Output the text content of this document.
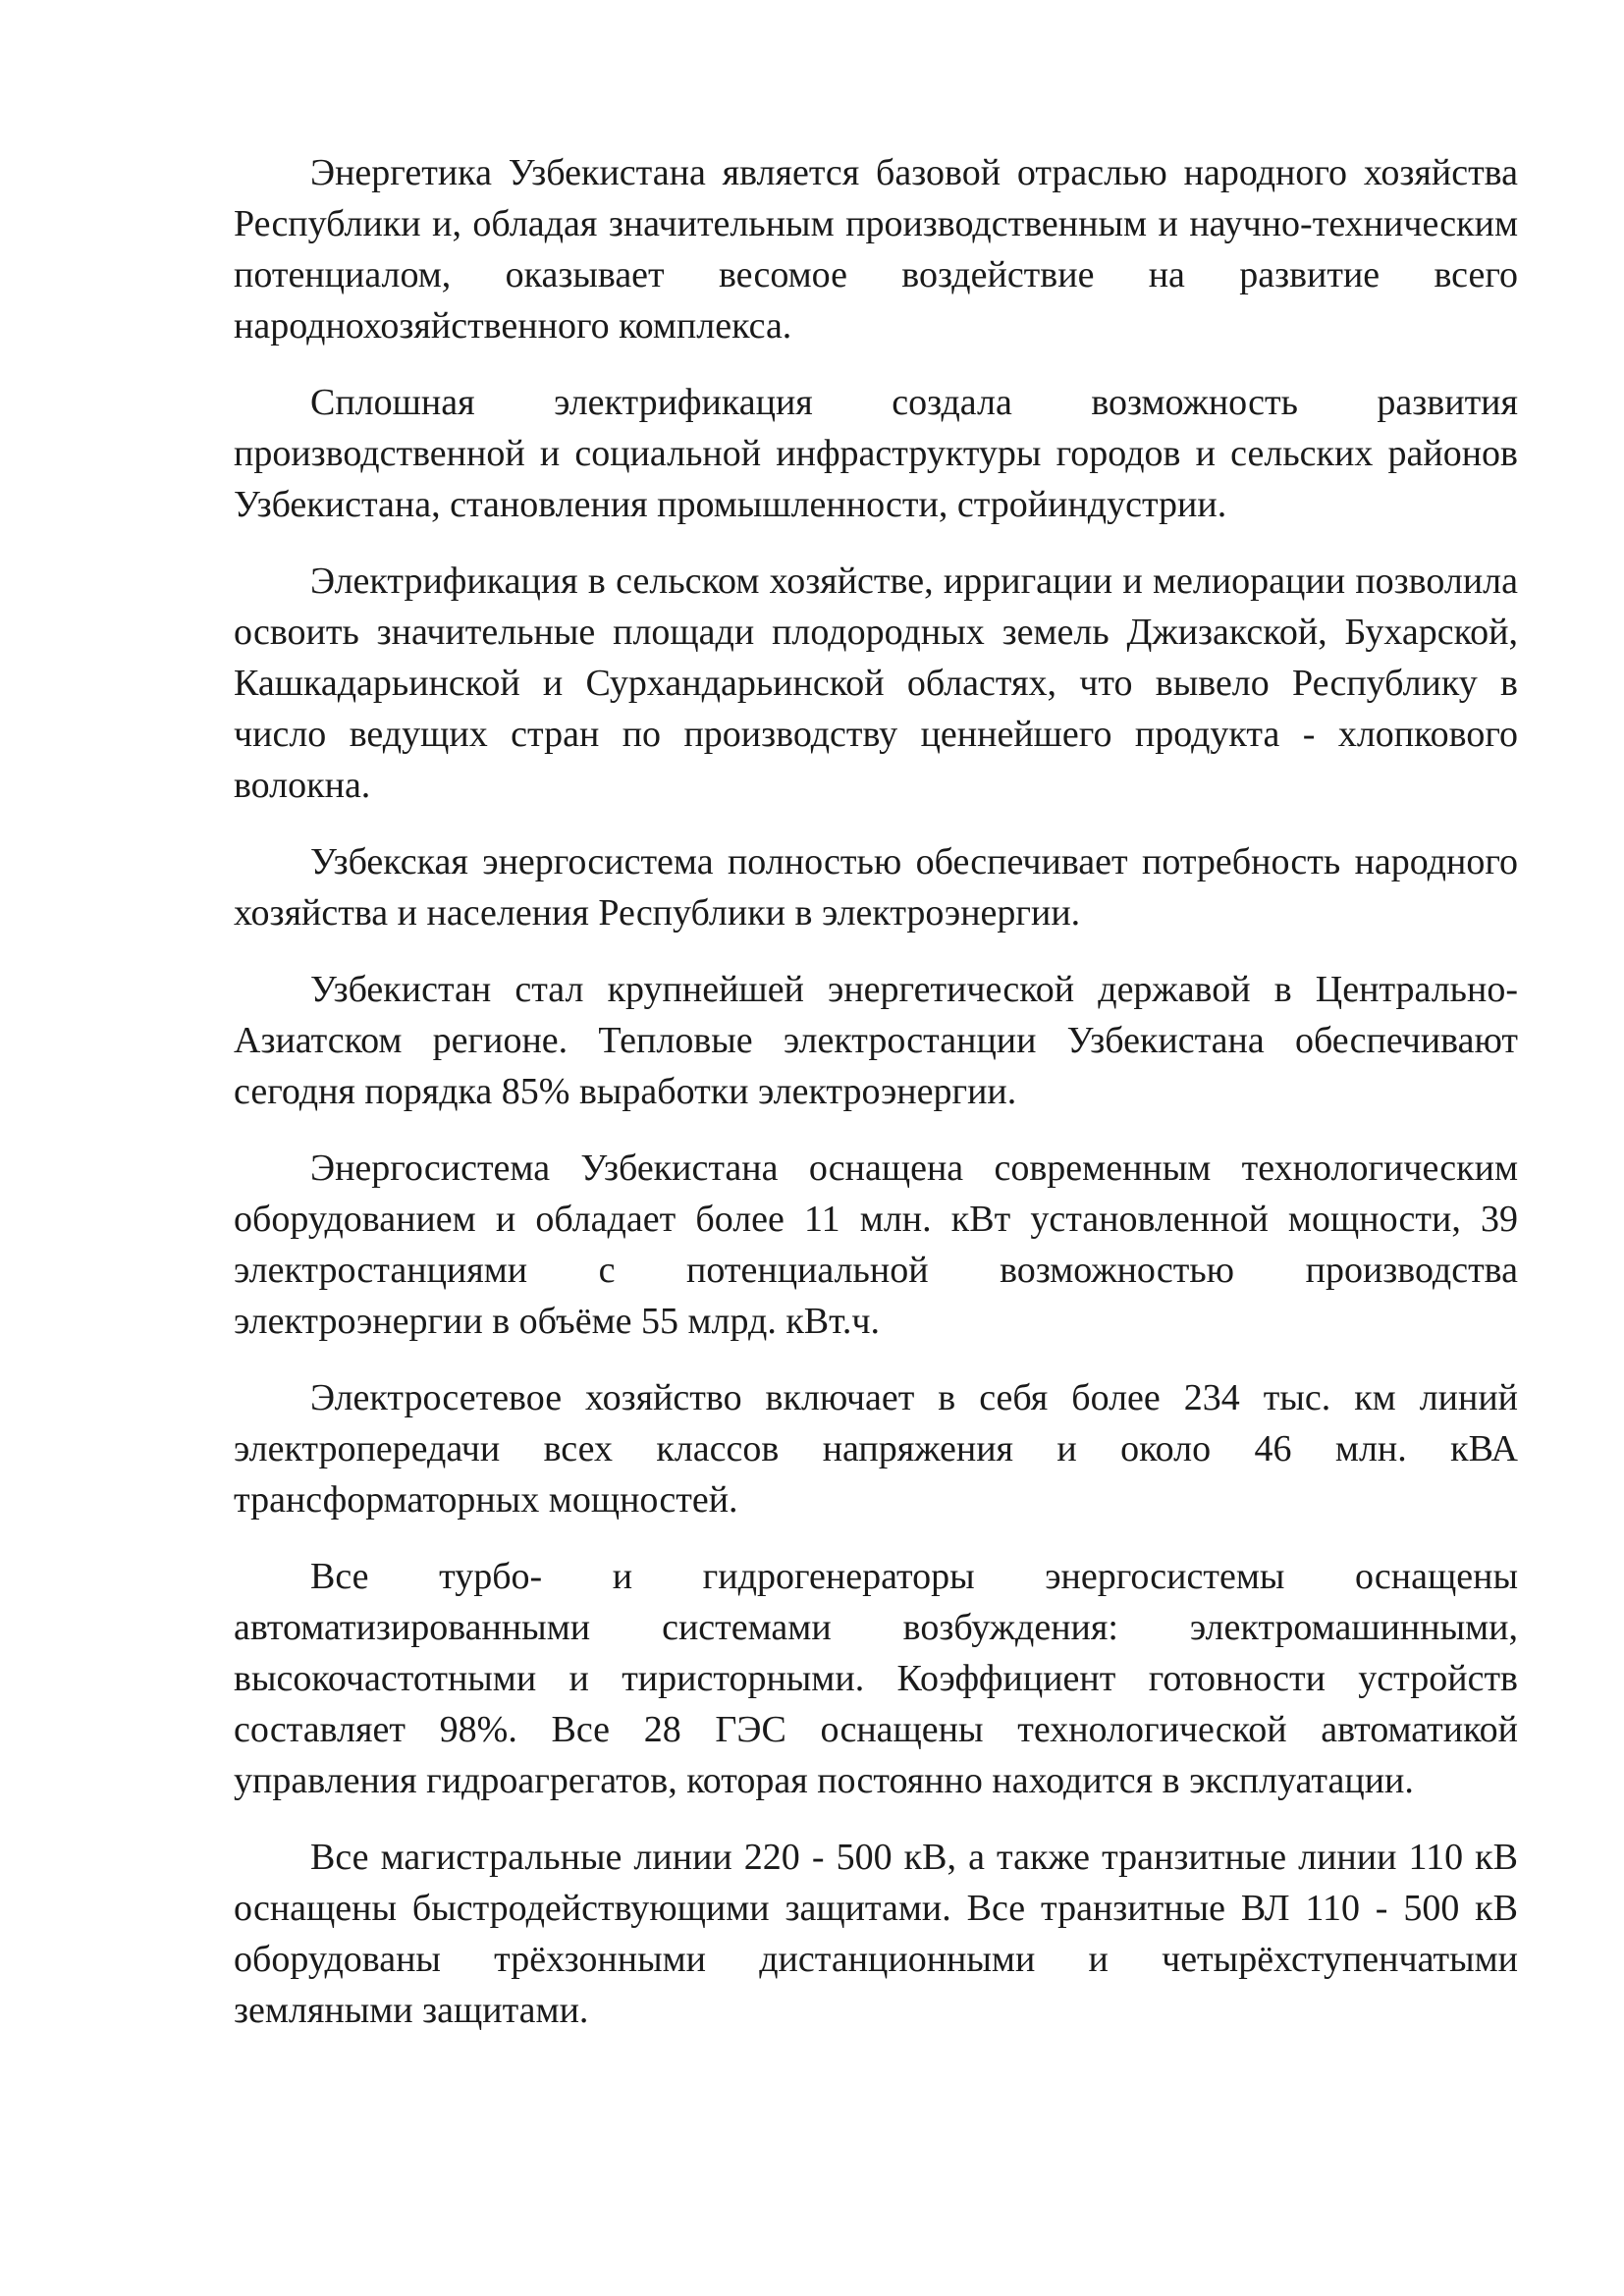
Энергетика Узбекистана является базовой отраслью народного хозяйства Республики и, обладая значительным производственным и научно-техническим потенциалом, оказывает весомое воздействие на развитие всего народнохозяйственного комплекса.

Сплошная электрификация создала возможность развития производственной и социальной инфраструктуры городов и сельских районов Узбекистана, становления промышленности, стройиндустрии.

Электрификация в сельском хозяйстве, ирригации и мелиорации позволила освоить значительные площади плодородных земель Джизакской, Бухарской, Кашкадарьинской и Сурхандарьинской областях, что вывело Республику в число ведущих стран по производству ценнейшего продукта - хлопкового волокна.

Узбекская энергосистема полностью обеспечивает потребность народного хозяйства и населения Республики в электроэнергии.

Узбекистан стал крупнейшей энергетической державой в Центрально-Азиатском регионе. Тепловые электростанции Узбекистана обеспечивают сегодня порядка 85% выработки электроэнергии.

Энергосистема Узбекистана оснащена современным технологическим оборудованием и обладает более 11 млн. кВт установленной мощности, 39 электростанциями с потенциальной возможностью производства электроэнергии в объёме 55 млрд. кВт.ч.

Электросетевое хозяйство включает в себя более 234 тыс. км линий электропередачи всех классов напряжения и около 46 млн. кВА трансформаторных мощностей.

Все турбо- и гидрогенераторы энергосистемы оснащены автоматизированными системами возбуждения: электромашинными, высокочастотными и тиристорными. Коэффициент готовности устройств составляет 98%. Все 28 ГЭС оснащены технологической автоматикой управления гидроагрегатов, которая постоянно находится в эксплуатации.

Все магистральные линии 220 - 500 кВ, а также транзитные линии 110 кВ оснащены быстродействующими защитами. Все транзитные ВЛ 110 - 500 кВ оборудованы трёхзонными дистанционными и четырёхступенчатыми земляными защитами.
